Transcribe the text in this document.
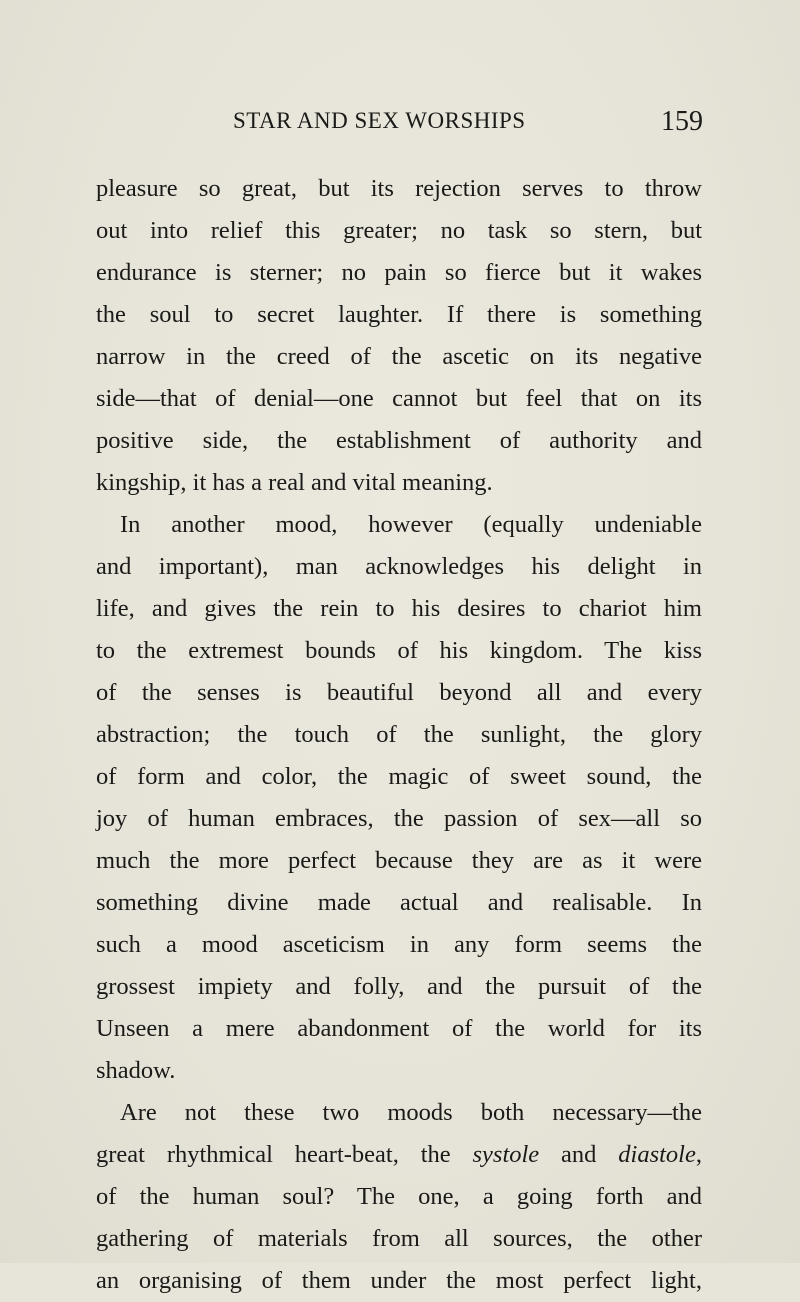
STAR AND SEX WORSHIPS	159
pleasure so great, but its rejection serves to throw
out into relief this greater; no task so stern, but
endurance is sterner; no pain so fierce but it wakes
the soul to secret laughter. If there is something
narrow in the creed of the ascetic on its negative
side—that of denial—one cannot but feel that on its
positive side, the establishment of authority and
kingship, it has a real and vital meaning.
In another mood, however (equally undeniable
and important), man acknowledges his delight in
life, and gives the rein to his desires to chariot him
to the extremest bounds of his kingdom. The kiss
of the senses is beautiful beyond all and every
abstraction; the touch of the sunlight, the glory
of form and color, the magic of sweet sound, the
joy of human embraces, the passion of sex—all so
much the more perfect because they are as it were
something divine made actual and realisable. In
such a mood asceticism in any form seems the
grossest impiety and folly, and the pursuit of the
Unseen a mere abandonment of the world for its
shadow.
Are not these two moods both necessary—the
great rhythmical heart-beat, the systole and diastole,
of the human soul? The one, a going forth and
gathering of materials from all sources, the other
an organising of them under the most perfect light,
